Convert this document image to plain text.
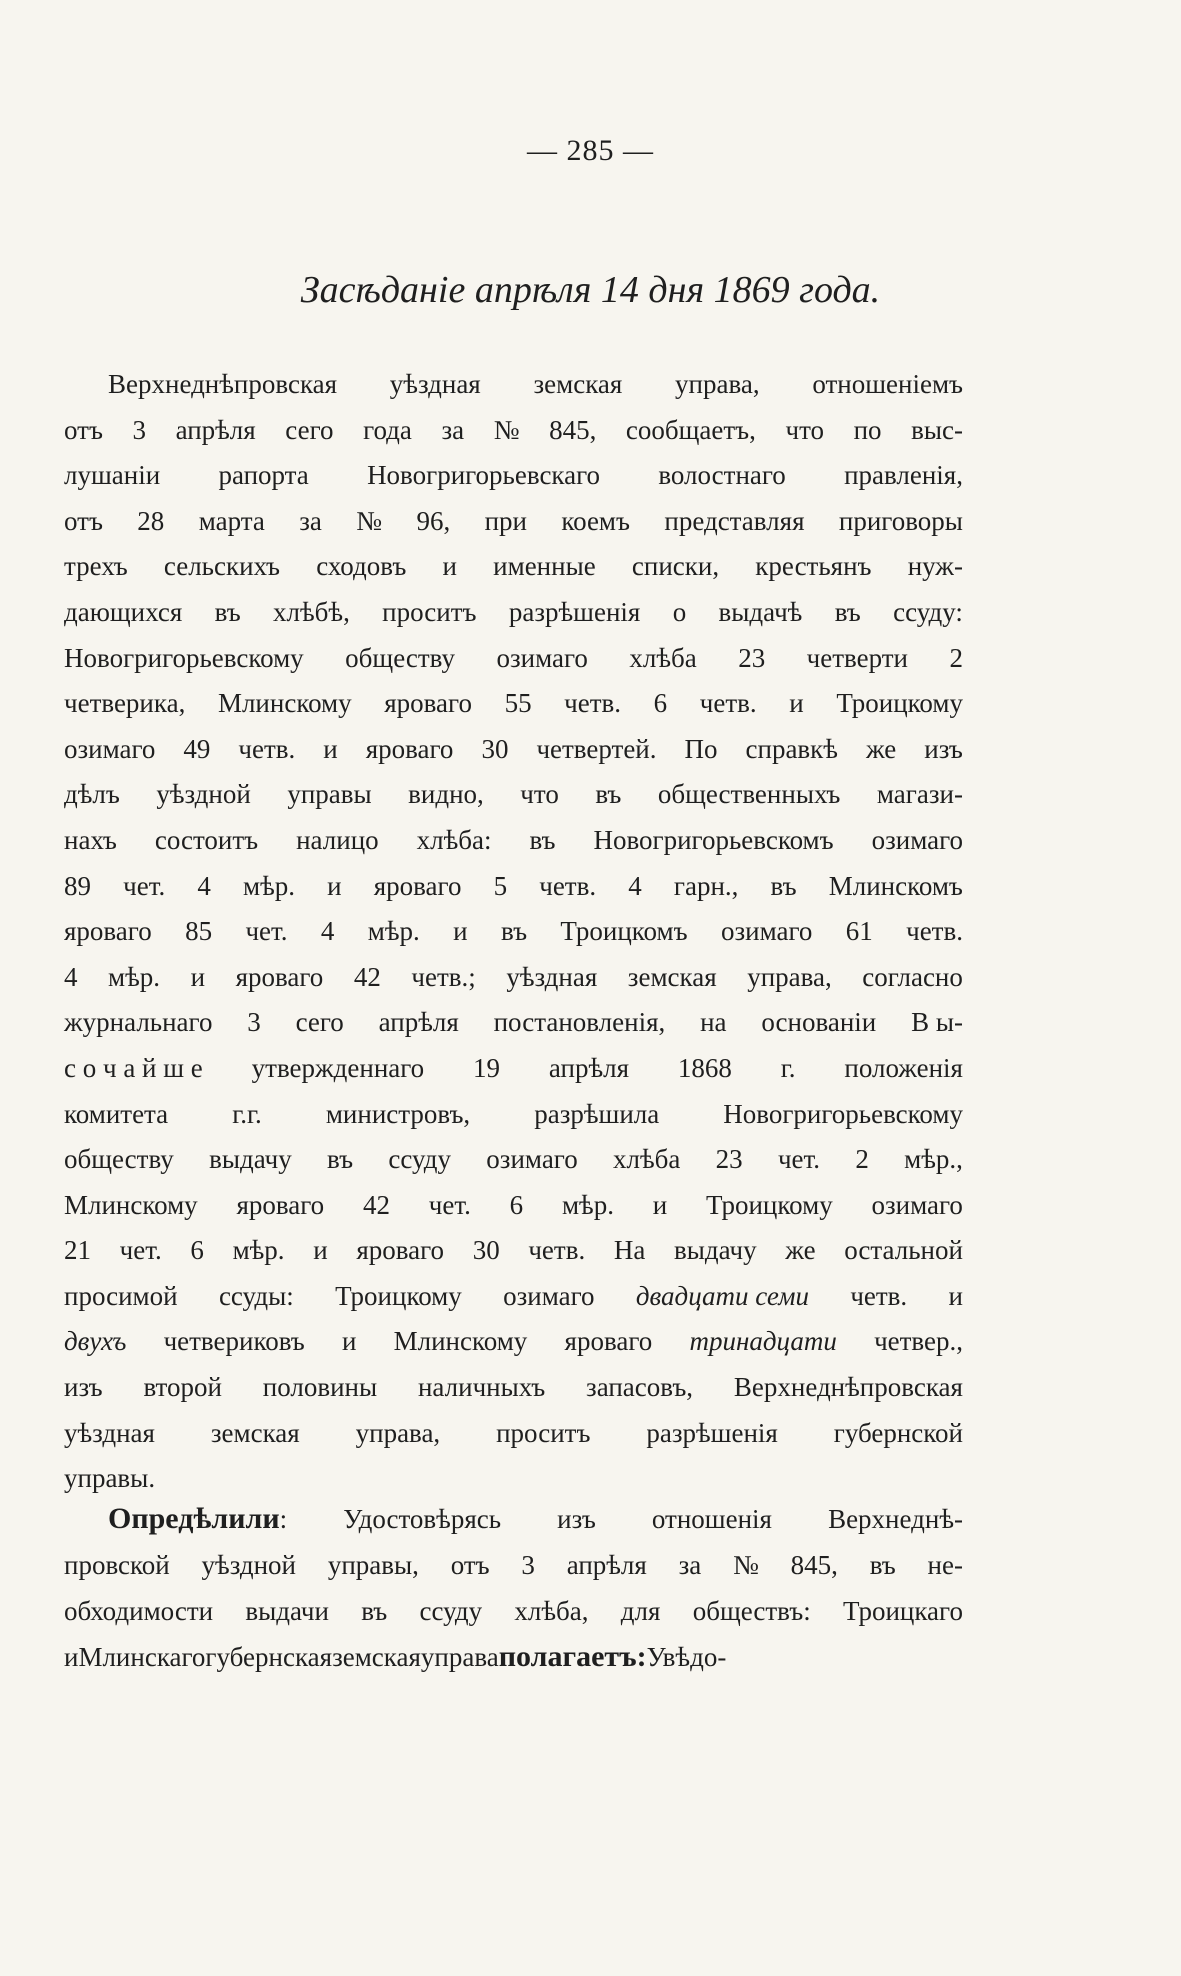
— 285 —
Засѣданіе апрѣля 14 дня 1869 года.
Верхнеднѣпровская уѣздная земская управа, отношеніемъ
отъ 3 апрѣля сего года за № 845, сообщаетъ, что по выс-
лушаніи рапорта Новогригорьевскаго волостнаго правленія,
отъ 28 марта за № 96, при коемъ представляя приговоры
трехъ сельскихъ сходовъ и именные списки, крестьянъ нуж-
дающихся въ хлѣбѣ, проситъ разрѣшенія о выдачѣ въ ссуду:
Новогригорьевскому обществу озимаго хлѣба 23 четверти 2
четверика, Млинскому яроваго 55 четв. 6 четв. и Троицкому
озимаго 49 четв. и яроваго 30 четвертей. По справкѣ же изъ
дѣлъ уѣздной управы видно, что въ общественныхъ магази-
нахъ состоитъ налицо хлѣба: въ Новогригорьевскомъ озимаго
89 чет. 4 мѣр. и яроваго 5 четв. 4 гарн., въ Млинскомъ
яроваго 85 чет. 4 мѣр. и въ Троицкомъ озимаго 61 четв.
4 мѣр. и яроваго 42 четв.; уѣздная земская управа, согласно
журнальнаго 3 сего апрѣля постановленія, на основаніи В ы-
с о ч а й ш е утвержденнаго 19 апрѣля 1868 г. положенія
комитета г.г. министровъ, разрѣшила Новогригорьевскому
обществу выдачу въ ссуду озимаго хлѣба 23 чет. 2 мѣр.,
Млинскому яроваго 42 чет. 6 мѣр. и Троицкому озимаго
21 чет. 6 мѣр. и яроваго 30 четв. На выдачу же остальной
просимой ссуды: Троицкому озимаго двадцати семи четв. и
двухъ четвериковъ и Млинскому яроваго тринадцати четвер.,
изъ второй половины наличныхъ запасовъ, Верхнеднѣпровская
уѣздная земская управа, проситъ разрѣшенія губернской
управы.
Опредѣлили: Удостовѣрясь изъ отношенія Верхнеднѣ-
провской уѣздной управы, отъ 3 апрѣля за № 845, въ не-
обходимости выдачи въ ссуду хлѣба, для обществъ: Троицкаго
и Млинскаго губернская земская управа полагаетъ: Увѣдо-
